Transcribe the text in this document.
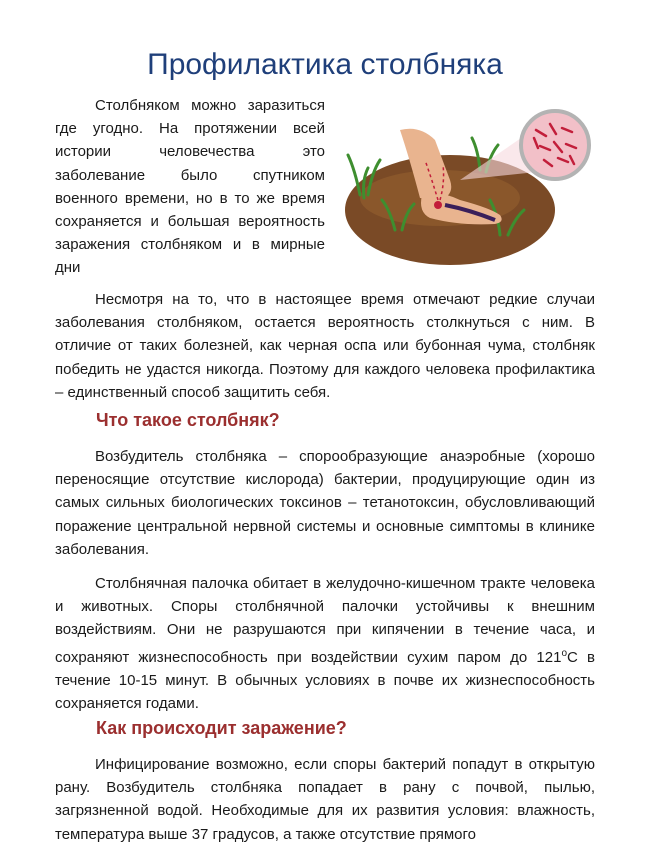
Профилактика столбняка

Столбняком можно заразиться где угодно. На протяжении всей истории человечества это заболевание было спутником военного времени, но в то же время сохраняется и большая вероятность заражения столбняком и в мирные дни

Несмотря на то, что в настоящее время отмечают редкие случаи заболевания столбняком, остается вероятность столкнуться с ним. В отличие от таких болезней, как черная оспа или бубонная чума, столбняк победить не удастся никогда. Поэтому для каждого человека профилактика – единственный способ защитить себя.

Что такое столбняк?

Возбудитель столбняка – спорообразующие анаэробные (хорошо переносящие отсутствие кислорода) бактерии, продуцирующие один из самых сильных биологических токсинов – тетанотоксин, обусловливающий поражение центральной нервной системы и основные симптомы в клинике заболевания.

Столбнячная палочка обитает в желудочно-кишечном тракте человека и животных. Споры столбнячной палочки устойчивы к внешним воздействиям. Они не разрушаются при кипячении в течение часа, и сохраняют жизнеспособность при воздействии сухим паром до $121^оС$ в течение 10-15 минут. В обычных условиях в почве их жизнеспособность сохраняется годами.

Как происходит заражение?

Инфицирование возможно, если споры бактерий попадут в открытую рану. Возбудитель столбняка попадает в рану с почвой, пылью, загрязненной водой. Необходимые для их развития условия: влажность, температура выше 37 градусов, а также отсутствие прямого
